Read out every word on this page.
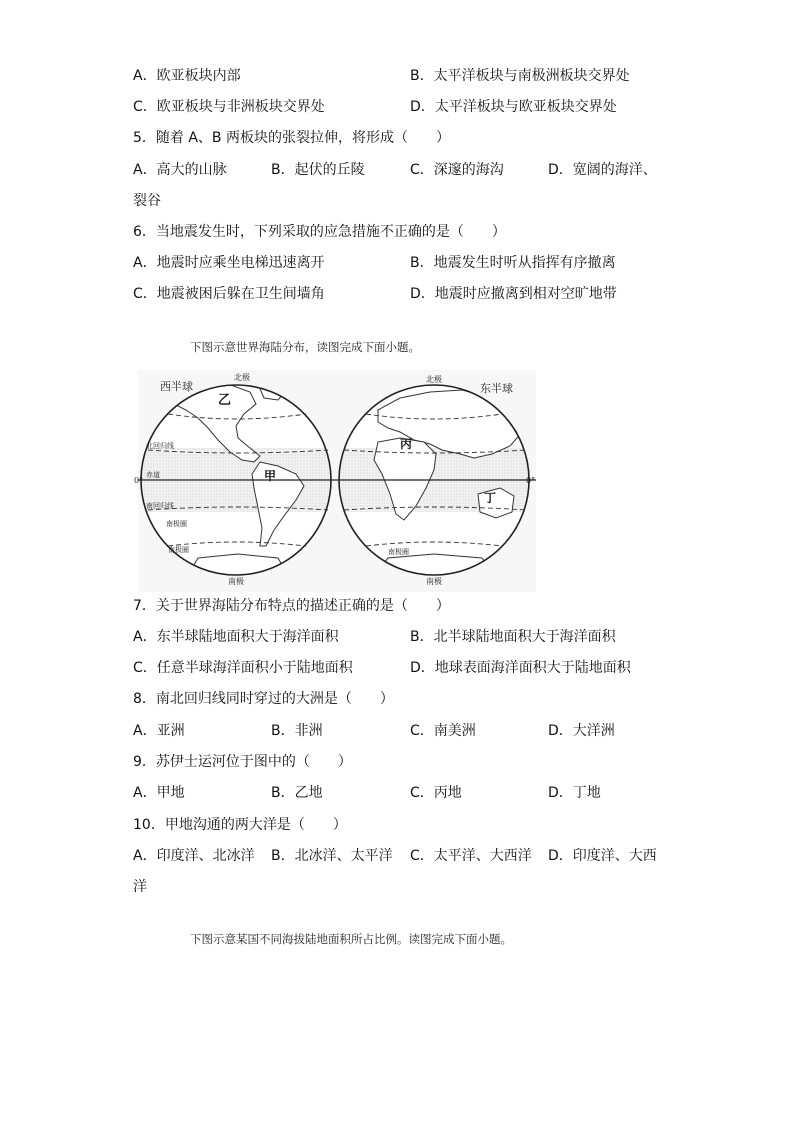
A．欧亚板块内部	B．太平洋板块与南极洲板块交界处
C．欧亚板块与非洲板块交界处	D．太平洋板块与欧亚板块交界处
5．随着 A、B 两板块的张裂拉伸，将形成（　　）
A．高大的山脉	B．起伏的丘陵	C．深邃的海沟	D．宽阔的海洋、
裂谷
6．当地震发生时，下列采取的应急措施不正确的是（　　）
A．地震时应乘坐电梯迅速离开	B．地震发生时听从指挥有序撤离
C．地震被困后躲在卫生间墙角	D．地震时应撤离到相对空旷地带
下图示意世界海陆分布，读图完成下面小题。
西半球	东半球
北极	北极
南极	南极
赤道
北回归线
南回归线
南极圈
南极圈	南极圈
0°	0°
乙
甲
丙
丁
7．关于世界海陆分布特点的描述正确的是（　　）
A．东半球陆地面积大于海洋面积	B．北半球陆地面积大于海洋面积
C．任意半球海洋面积小于陆地面积	D．地球表面海洋面积大于陆地面积
8．南北回归线同时穿过的大洲是（　　）
A．亚洲	B．非洲	C．南美洲	D．大洋洲
9．苏伊士运河位于图中的（　　）
A．甲地	B．乙地	C．丙地	D．丁地
10．甲地沟通的两大洋是（　　）
A．印度洋、北冰洋 B．北冰洋、太平洋 C．太平洋、大西洋 D．印度洋、大西
洋
下图示意某国不同海拔陆地面积所占比例。读图完成下面小题。
